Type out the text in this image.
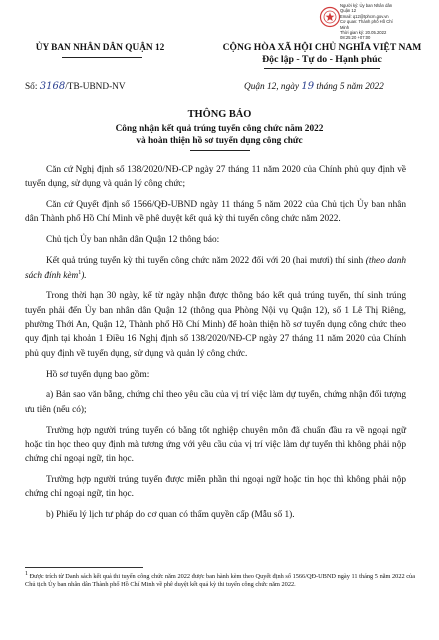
Người ký: Ủy ban Nhân dân
Quận 12
Email: q12@tphcm.gov.vn
Cơ quan: Thành phố Hồ Chí
Minh
Thời gian ký: 20.05.2022
08:25:20 +07:00
ỦY BAN NHÂN DÂN QUẬN 12	CỘNG HÒA XÃ HỘI CHỦ NGHĨA VIỆT NAM
Độc lập - Tự do - Hạnh phúc
Số: 3168/TB-UBND-NV	Quận 12, ngày 19 tháng 5 năm 2022
THÔNG BÁO
Công nhận kết quả trúng tuyển công chức năm 2022
và hoàn thiện hồ sơ tuyển dụng công chức

Căn cứ Nghị định số 138/2020/NĐ-CP ngày 27 tháng 11 năm 2020 của Chính phủ quy định về tuyển dụng, sử dụng và quản lý công chức;

Căn cứ Quyết định số 1566/QĐ-UBND ngày 11 tháng 5 năm 2022 của Chủ tịch Ủy ban nhân dân Thành phố Hồ Chí Minh về phê duyệt kết quả kỳ thi tuyển công chức năm 2022.

Chủ tịch Ủy ban nhân dân Quận 12 thông báo:

Kết quả trúng tuyển kỳ thi tuyển công chức năm 2022 đối với 20 (hai mươi) thí sinh (theo danh sách đính kèm$^1$).

Trong thời hạn 30 ngày, kể từ ngày nhận được thông báo kết quả trúng tuyển, thí sinh trúng tuyển phải đến Ủy ban nhân dân Quận 12 (thông qua Phòng Nội vụ Quận 12), số 1 Lê Thị Riêng, phường Thới An, Quận 12, Thành phố Hồ Chí Minh) để hoàn thiện hồ sơ tuyển dụng công chức theo quy định tại khoản 1 Điều 16 Nghị định số 138/2020/NĐ-CP ngày 27 tháng 11 năm 2020 của Chính phủ quy định về tuyển dụng, sử dụng và quản lý công chức.

Hồ sơ tuyển dụng bao gồm:

a) Bản sao văn bằng, chứng chỉ theo yêu cầu của vị trí việc làm dự tuyển, chứng nhận đối tượng ưu tiên (nếu có);

Trường hợp người trúng tuyển có bằng tốt nghiệp chuyên môn đã chuẩn đầu ra về ngoại ngữ hoặc tin học theo quy định mà tương ứng với yêu cầu của vị trí việc làm dự tuyển thì không phải nộp chứng chỉ ngoại ngữ, tin học.

Trường hợp người trúng tuyển được miễn phần thi ngoại ngữ hoặc tin học thì không phải nộp chứng chỉ ngoại ngữ, tin học.

b) Phiếu lý lịch tư pháp do cơ quan có thẩm quyền cấp (Mẫu số 1).

$^1$ Được trích từ Danh sách kết quả thi tuyển công chức năm 2022 được ban hành kèm theo Quyết định số 1566/QĐ-UBND ngày 11 tháng 5 năm 2022 của Chủ tịch Ủy ban nhân dân Thành phố Hồ Chí Minh về phê duyệt kết quả kỳ thi tuyển công chức năm 2022.
